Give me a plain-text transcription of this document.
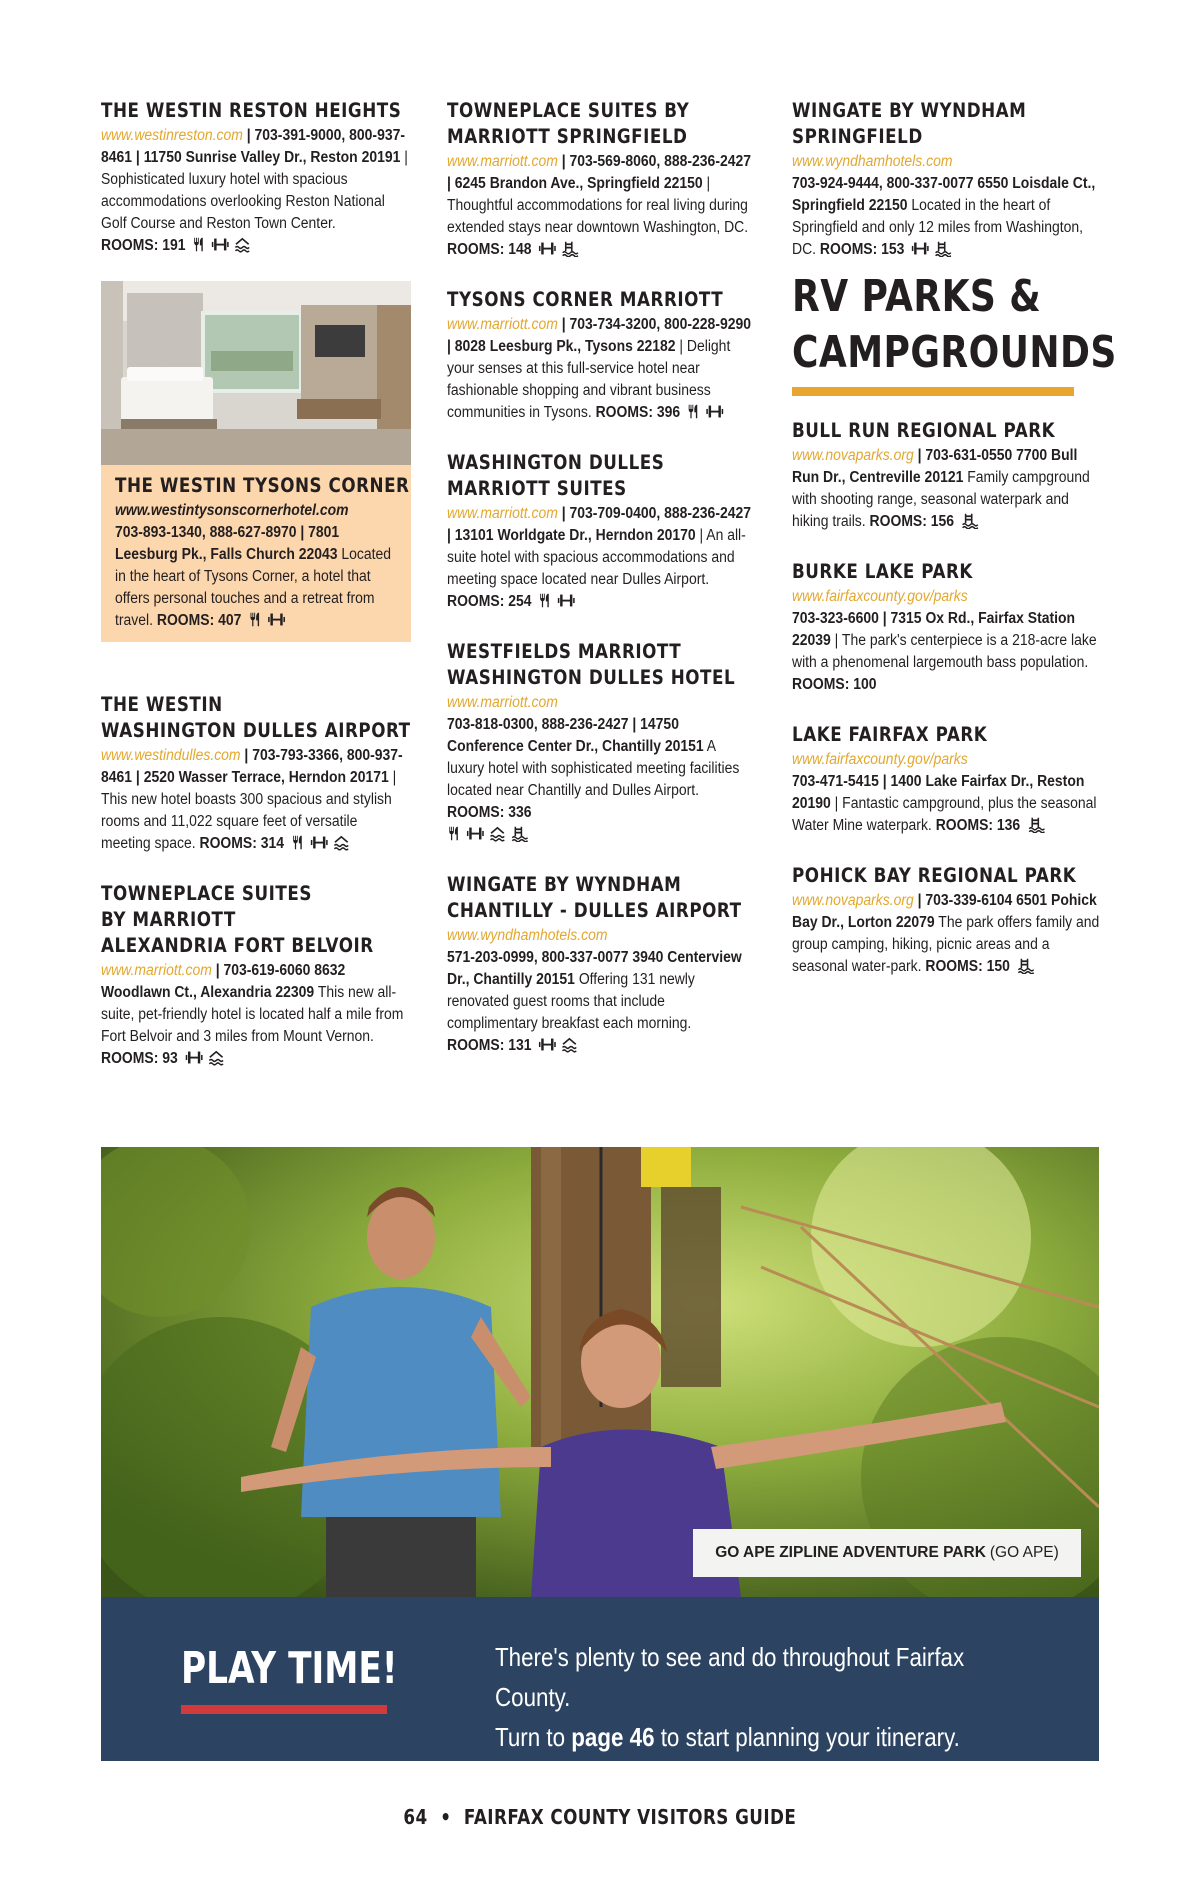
THE WESTIN RESTON HEIGHTS
www.westinreston.com | 703-391-9000, 800-937-8461 | 11750 Sunrise Valley Dr., Reston 20191 | Sophisticated luxury hotel with spacious accommodations overlooking Reston National Golf Course and Reston Town Center. ROOMS: 191
THE WESTIN TYSONS CORNER
www.westintysonscornerhotel.com
703-893-1340, 888-627-8970 | 7801 Leesburg Pk., Falls Church 22043 Located in the heart of Tysons Corner, a hotel that offers personal touches and a retreat from travel. ROOMS: 407
THE WESTIN
WASHINGTON DULLES AIRPORT
www.westindulles.com | 703-793-3366, 800-937-8461 | 2520 Wasser Terrace, Herndon 20171 | This new hotel boasts 300 spacious and stylish rooms and 11,022 square feet of versatile meeting space. ROOMS: 314
TOWNEPLACE SUITES
BY MARRIOTT
ALEXANDRIA FORT BELVOIR
www.marriott.com | 703-619-6060 8632 Woodlawn Ct., Alexandria 22309 This new all-suite, pet-friendly hotel is located half a mile from Fort Belvoir and 3 miles from Mount Vernon. ROOMS: 93
TOWNEPLACE SUITES BY
MARRIOTT SPRINGFIELD
www.marriott.com | 703-569-8060, 888-236-2427 | 6245 Brandon Ave., Springfield 22150 | Thoughtful accommodations for real living during extended stays near downtown Washington, DC. ROOMS: 148
TYSONS CORNER MARRIOTT
www.marriott.com | 703-734-3200, 800-228-9290 | 8028 Leesburg Pk., Tysons 22182 | Delight your senses at this full-service hotel near fashionable shopping and vibrant business communities in Tysons. ROOMS: 396
WASHINGTON DULLES
MARRIOTT SUITES
www.marriott.com | 703-709-0400, 888-236-2427 | 13101 Worldgate Dr., Herndon 20170 | An all-suite hotel with spacious accommodations and meeting space located near Dulles Airport. ROOMS: 254
WESTFIELDS MARRIOTT
WASHINGTON DULLES HOTEL
www.marriott.com
703-818-0300, 888-236-2427 | 14750 Conference Center Dr., Chantilly 20151 A luxury hotel with sophisticated meeting facilities located near Chantilly and Dulles Airport. ROOMS: 336

WINGATE BY WYNDHAM
CHANTILLY - DULLES AIRPORT
www.wyndhamhotels.com
571-203-0999, 800-337-0077 3940 Centerview Dr., Chantilly 20151 Offering 131 newly renovated guest rooms that include complimentary breakfast each morning. ROOMS: 131
WINGATE BY WYNDHAM
SPRINGFIELD
www.wyndhamhotels.com
703-924-9444, 800-337-0077 6550 Loisdale Ct., Springfield 22150 Located in the heart of Springfield and only 12 miles from Washington, DC. ROOMS: 153
RV PARKS &
CAMPGROUNDS
BULL RUN REGIONAL PARK
www.novaparks.org | 703-631-0550 7700 Bull Run Dr., Centreville 20121 Family campground with shooting range, seasonal waterpark and hiking trails. ROOMS: 156
BURKE LAKE PARK
www.fairfaxcounty.gov/parks
703-323-6600 | 7315 Ox Rd., Fairfax Station 22039 | The park's centerpiece is a 218-acre lake with a phenomenal largemouth bass population. ROOMS: 100
LAKE FAIRFAX PARK
www.fairfaxcounty.gov/parks
703-471-5415 | 1400 Lake Fairfax Dr., Reston 20190 | Fantastic campground, plus the seasonal Water Mine waterpark. ROOMS: 136
POHICK BAY REGIONAL PARK
www.novaparks.org | 703-339-6104 6501 Pohick Bay Dr., Lorton 22079 The park offers family and group camping, hiking, picnic areas and a seasonal water-park. ROOMS: 150
GO APE ZIPLINE ADVENTURE PARK (GO APE)
PLAY TIME!	There's plenty to see and do throughout Fairfax County.
Turn to page 46 to start planning your itinerary.
64 • FAIRFAX COUNTY VISITORS GUIDE
